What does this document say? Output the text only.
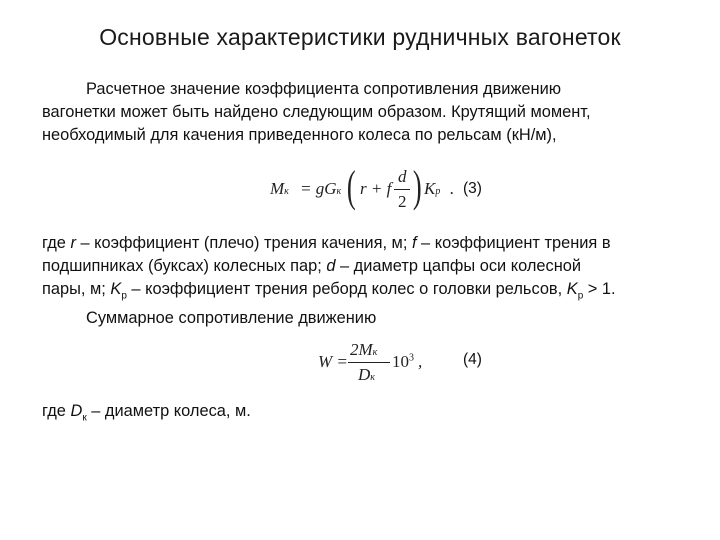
Основные характеристики рудничных вагонеток

Расчетное значение коэффициента сопротивления движению
вагонетки может быть найдено следующим образом. Крутящий момент,
необходимый для качения приведенного колеса по рельсам (кН/м),

Mк = gGк ( r + f
d
2 ) Kp . (3)

где r – коэффициент (плечо) трения качения, м; f – коэффициент трения в
подшипниках (буксах) колесных пар; d – диаметр цапфы оси колесной
пары, м; $K_р$ – коэффициент трения реборд колес о головки рельсов, $K_р > 1$.
Суммарное сопротивление движению

W =
2Mк
Dк
$10^3$ ,	(4)

где $D_к$ – диаметр колеса, м.
